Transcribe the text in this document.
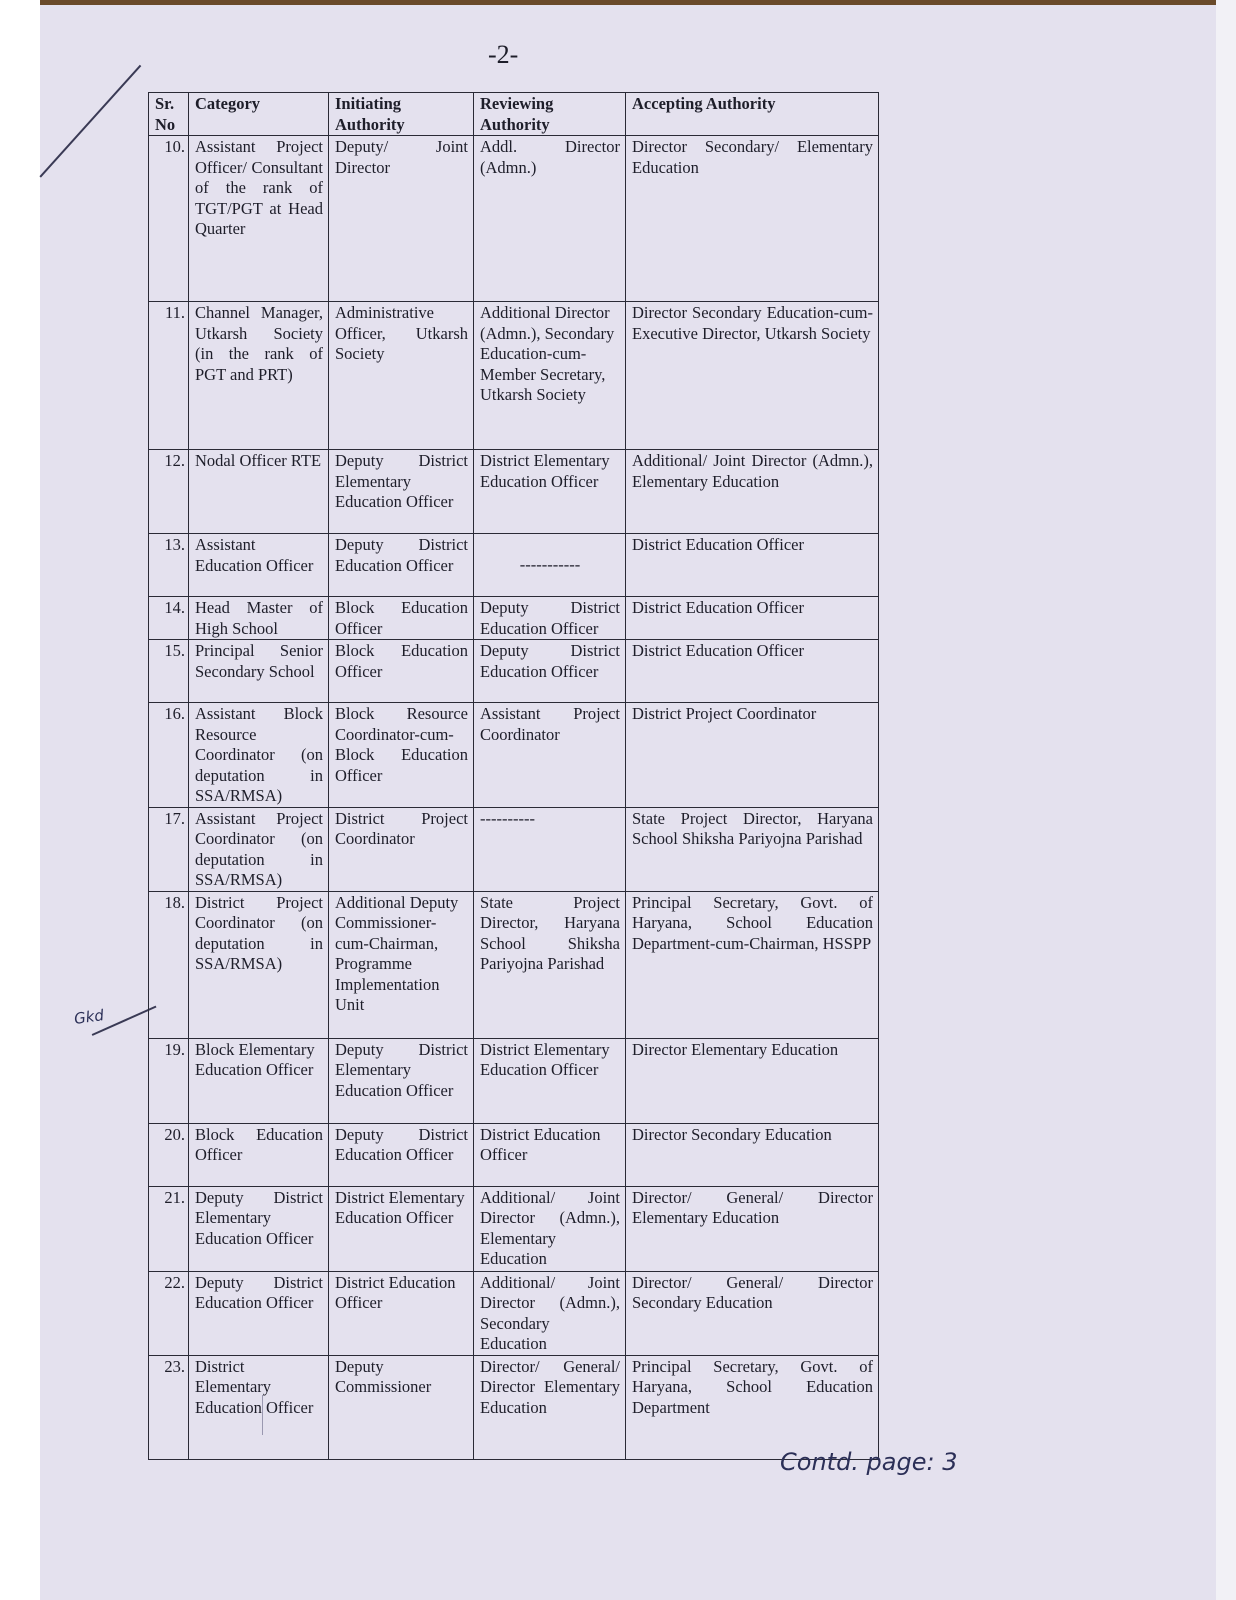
-2-
Sr. No	Category	Initiating Authority	Reviewing Authority	Accepting Authority
10.	Assistant Project Officer/ Consultant of the rank of TGT/PGT at Head Quarter	Deputy/ Joint Director	Addl. Director (Admn.)	Director Secondary/ Elementary Education
11.	Channel Manager, Utkarsh Society (in the rank of PGT and PRT)	Administrative Officer, Utkarsh Society	Additional Director (Admn.), Secondary Education-cum-Member Secretary, Utkarsh Society	Director Secondary Education-cum-Executive Director, Utkarsh Society
12.	Nodal Officer RTE	Deputy District Elementary Education Officer	District Elementary Education Officer	Additional/ Joint Director (Admn.), Elementary Education
13.	Assistant Education Officer	Deputy District Education Officer	-----------	District Education Officer
14.	Head Master of High School	Block Education Officer	Deputy District Education Officer	District Education Officer
15.	Principal Senior Secondary School	Block Education Officer	Deputy District Education Officer	District Education Officer
16.	Assistant Block Resource Coordinator (on deputation in SSA/RMSA)	Block Resource Coordinator-cum-Block Education Officer	Assistant Project Coordinator	District Project Coordinator
17.	Assistant Project Coordinator (on deputation in SSA/RMSA)	District Project Coordinator	----------	State Project Director, Haryana School Shiksha Pariyojna Parishad
18.	District Project Coordinator (on deputation in SSA/RMSA)	Additional Deputy Commissioner-cum-Chairman, Programme Implementation Unit	State Project Director, Haryana School Shiksha Pariyojna Parishad	Principal Secretary, Govt. of Haryana, School Education Department-cum-Chairman, HSSPP
19.	Block Elementary Education Officer	Deputy District Elementary Education Officer	District Elementary Education Officer	Director Elementary Education
20.	Block Education Officer	Deputy District Education Officer	District Education Officer	Director Secondary Education
21.	Deputy District Elementary Education Officer	District Elementary Education Officer	Additional/ Joint Director (Admn.), Elementary Education	Director/ General/ Director Elementary Education
22.	Deputy District Education Officer	District Education Officer	Additional/ Joint Director (Admn.), Secondary Education	Director/ General/ Director Secondary Education
23.	District Elementary Education Officer	Deputy Commissioner	Director/ General/ Director Elementary Education	Principal Secretary, Govt. of Haryana, School Education Department
Gkd
Contd. page: 3
